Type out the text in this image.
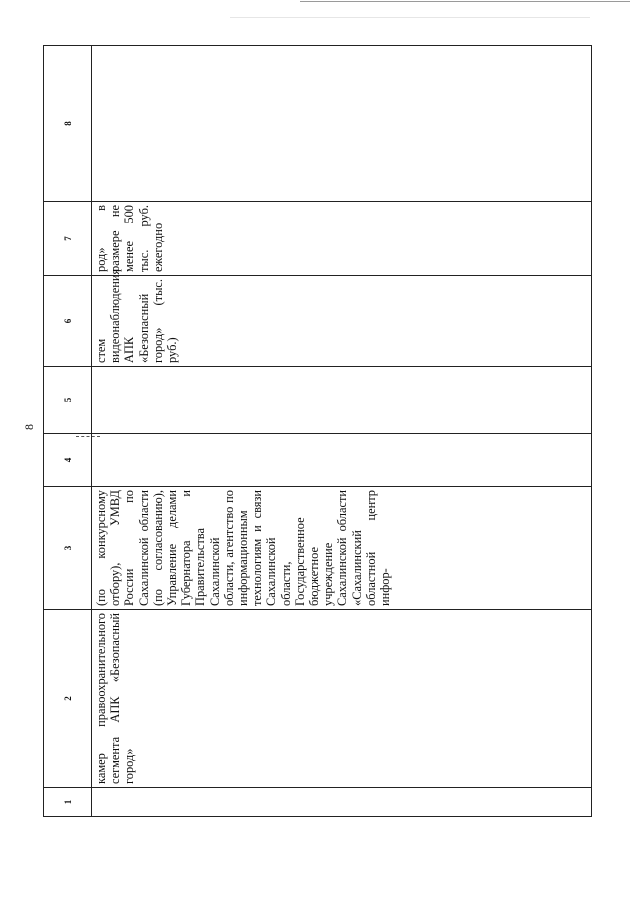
8
1	2	3	4	5	6	7	8

	камер правоохранительного сегмента АПК «Безопасный город»	(по конкурсному отбору), УМВД России по Сахалинской области (по согласованию), Управление делами Губернатора и Правительства Сахалинской области, агентство по информационным технологиям и связи Сахалинской области, Государственное бюджетное учреждение Сахалинской области «Сахалинский областной центр инфор-			стем видеонаблюдения АПК «Безопасный город» (тыс. руб.)	род» в размере не менее 500 тыс. руб. ежегодно	
